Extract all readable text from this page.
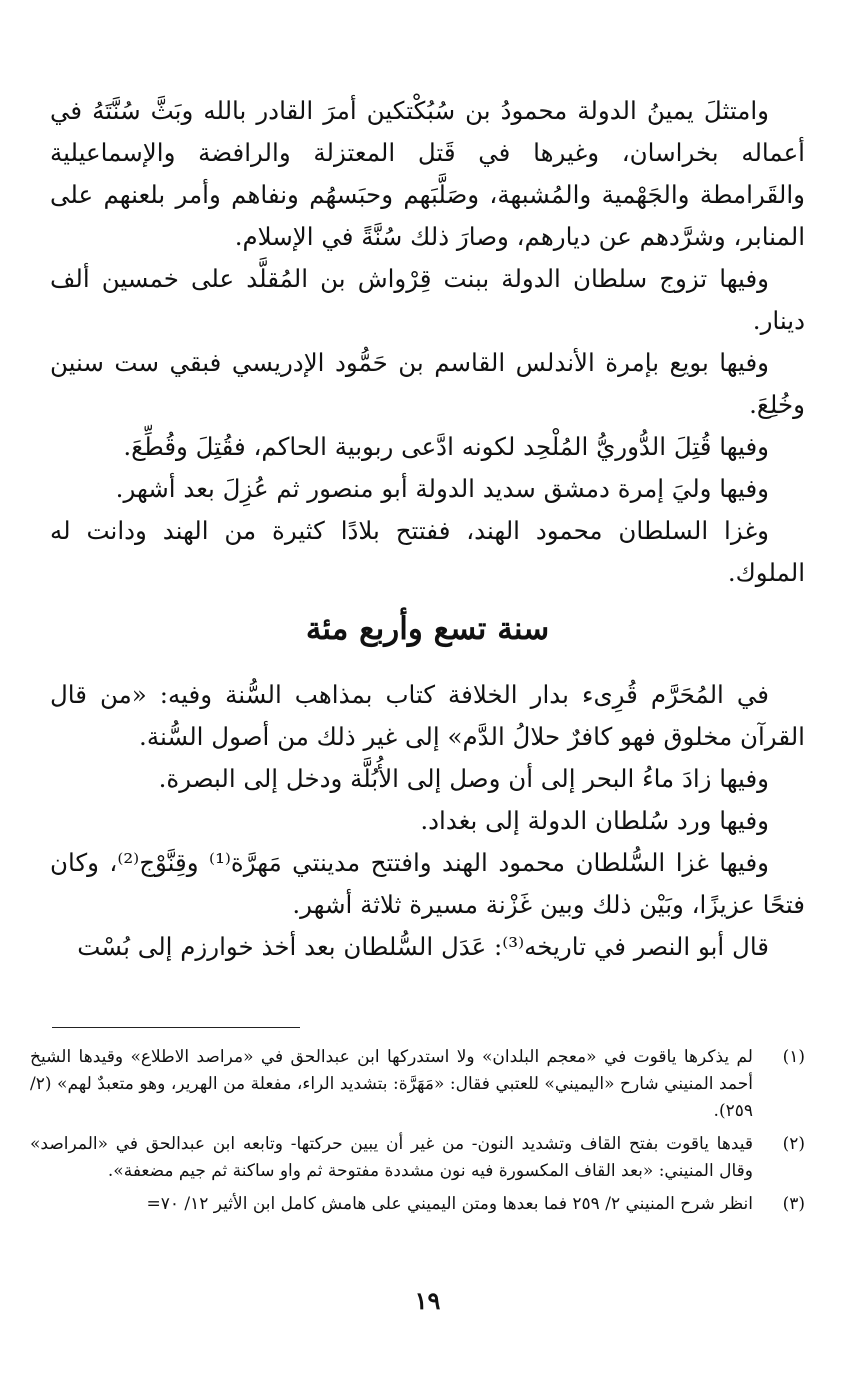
وامتثلَ يمينُ الدولة محمودُ بن سُبُكْتكين أمرَ القادر بالله وبَثَّ سُنَّتَهُ في أعماله بخراسان، وغيرها في قَتل المعتزلة والرافضة والإسماعيلية والقَرامطة والجَهْمية والمُشبهة، وصَلَّبَهم وحبَسهُم ونفاهم وأمر بلعنهم على المنابر، وشرَّدهم عن ديارهم، وصارَ ذلك سُنَّةً في الإسلام.

وفيها تزوج سلطان الدولة ببنت قِرْواش بن المُقلَّد على خمسين ألف دينار.

وفيها بويع بإمرة الأندلس القاسم بن حَمُّود الإدريسي فبقي ست سنين وخُلِعَ.

وفيها قُتِلَ الدُّوريُّ المُلْحِد لكونه ادَّعى ربوبية الحاكم، فقُتِلَ وقُطِّعَ.

وفيها وليَ إمرة دمشق سديد الدولة أبو منصور ثم عُزِلَ بعد أشهر.

وغزا السلطان محمود الهند، ففتتح بلادًا كثيرة من الهند ودانت له الملوك.

سنة تسع وأربع مئة

في المُحَرَّم قُرِىء بدار الخلافة كتاب بمذاهب السُّنة وفيه: «من قال القرآن مخلوق فهو كافرٌ حلالُ الدَّم» إلى غير ذلك من أصول السُّنة.

وفيها زادَ ماءُ البحر إلى أن وصل إلى الأُبُلَّة ودخل إلى البصرة.

وفيها ورد سُلطان الدولة إلى بغداد.

وفيها غزا السُّلطان محمود الهند وافتتح مدينتي مَهرَّة⁽¹⁾ وقِنَّوْج⁽²⁾، وكان فتحًا عزيزًا، وبَيْن ذلك وبين غَزْنة مسيرة ثلاثة أشهر.

قال أبو النصر في تاريخه⁽³⁾: عَدَل السُّلطان بعد أخذ خوارزم إلى بُسْت

(١)
لم يذكرها ياقوت في «معجم البلدان» ولا استدركها ابن عبدالحق في «مراصد الاطلاع» وقيدها الشيخ أحمد المنيني شارح «اليميني» للعتبي فقال: «مَهَرَّة: بتشديد الراء، مفعلة من الهرير، وهو متعبدٌ لهم» (٢/ ٢٥٩).
(٢)
قيدها ياقوت بفتح القاف وتشديد النون- من غير أن يبين حركتها- وتابعه ابن عبدالحق في «المراصد» وقال المنيني: «بعد القاف المكسورة فيه نون مشددة مفتوحة ثم واو ساكنة ثم جيم مضعفة».
(٣)
انظر شرح المنيني ٢/ ٢٥٩ فما بعدها ومتن اليميني على هامش كامل ابن الأثير ١٢/ ٧٠=
١٩
